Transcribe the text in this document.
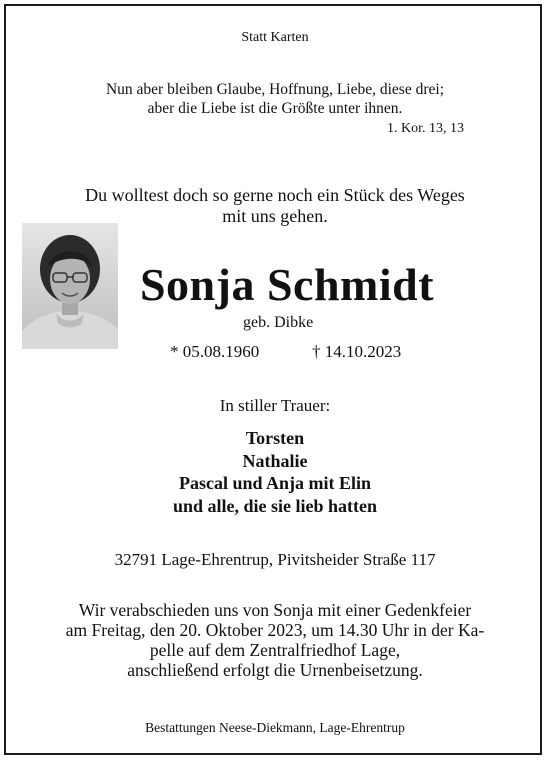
Statt Karten
Nun aber bleiben Glaube, Hoffnung, Liebe, diese drei;
aber die Liebe ist die Größte unter ihnen.
1. Kor. 13, 13
Du wolltest doch so gerne noch ein Stück des Weges
mit uns gehen.
Sonja Schmidt
geb. Dibke
* 05.08.1960	† 14.10.2023
In stiller Trauer:
Torsten
Nathalie
Pascal und Anja mit Elin
und alle, die sie lieb hatten
32791 Lage-Ehrentrup, Pivitsheider Straße 117
Wir verabschieden uns von Sonja mit einer Gedenkfeier
am Freitag, den 20. Oktober 2023, um 14.30 Uhr in der Ka-
pelle auf dem Zentralfriedhof Lage,
anschließend erfolgt die Urnenbeisetzung.
Bestattungen Neese-Diekmann, Lage-Ehrentrup
